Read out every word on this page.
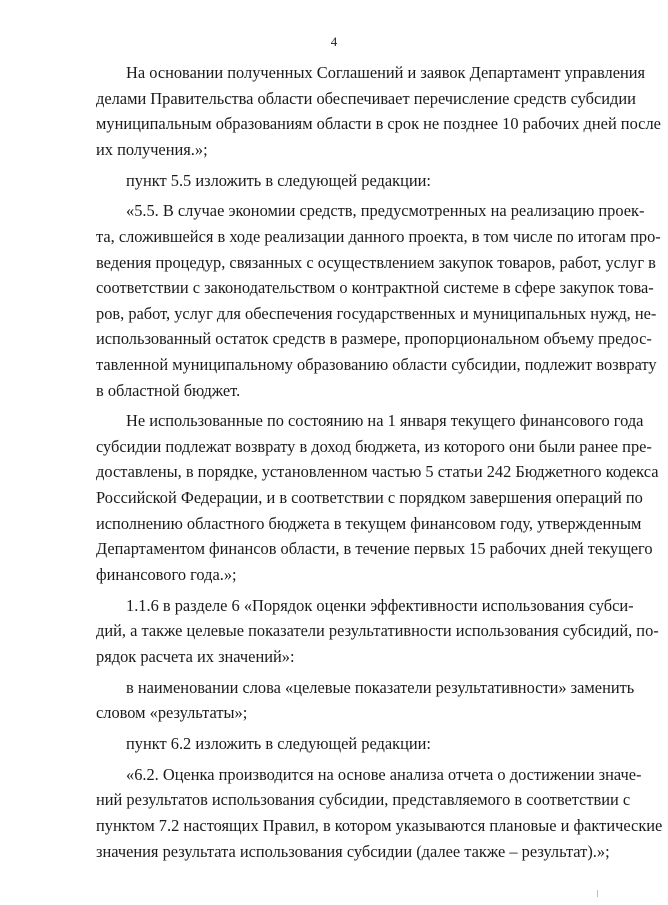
4
На основании полученных Соглашений и заявок Департамент управления
делами Правительства области обеспечивает перечисление средств субсидии
муниципальным образованиям области в срок не позднее 10 рабочих дней после
их получения.»;
пункт 5.5 изложить в следующей редакции:
«5.5. В случае экономии средств, предусмотренных на реализацию проек-
та, сложившейся в ходе реализации данного проекта, в том числе по итогам про-
ведения процедур, связанных с осуществлением закупок товаров, работ, услуг в
соответствии с законодательством о контрактной системе в сфере закупок това-
ров, работ, услуг для обеспечения государственных и муниципальных нужд, не-
использованный остаток средств в размере, пропорциональном объему предос-
тавленной муниципальному образованию области субсидии, подлежит возврату
в областной бюджет.
Не использованные по состоянию на 1 января текущего финансового года
субсидии подлежат возврату в доход бюджета, из которого они были ранее пре-
доставлены, в порядке, установленном частью 5 статьи 242 Бюджетного кодекса
Российской Федерации, и в соответствии с порядком завершения операций по
исполнению областного бюджета в текущем финансовом году, утвержденным
Департаментом финансов области, в течение первых 15 рабочих дней текущего
финансового года.»;
1.1.6 в разделе 6 «Порядок оценки эффективности использования субси-
дий, а также целевые показатели результативности использования субсидий, по-
рядок расчета их значений»:
в наименовании слова «целевые показатели результативности» заменить
словом «результаты»;
пункт 6.2 изложить в следующей редакции:
«6.2. Оценка производится на основе анализа отчета о достижении значе-
ний результатов использования субсидии, представляемого в соответствии с
пунктом 7.2 настоящих Правил, в котором указываются плановые и фактические
значения результата использования субсидии (далее также – результат).»;
